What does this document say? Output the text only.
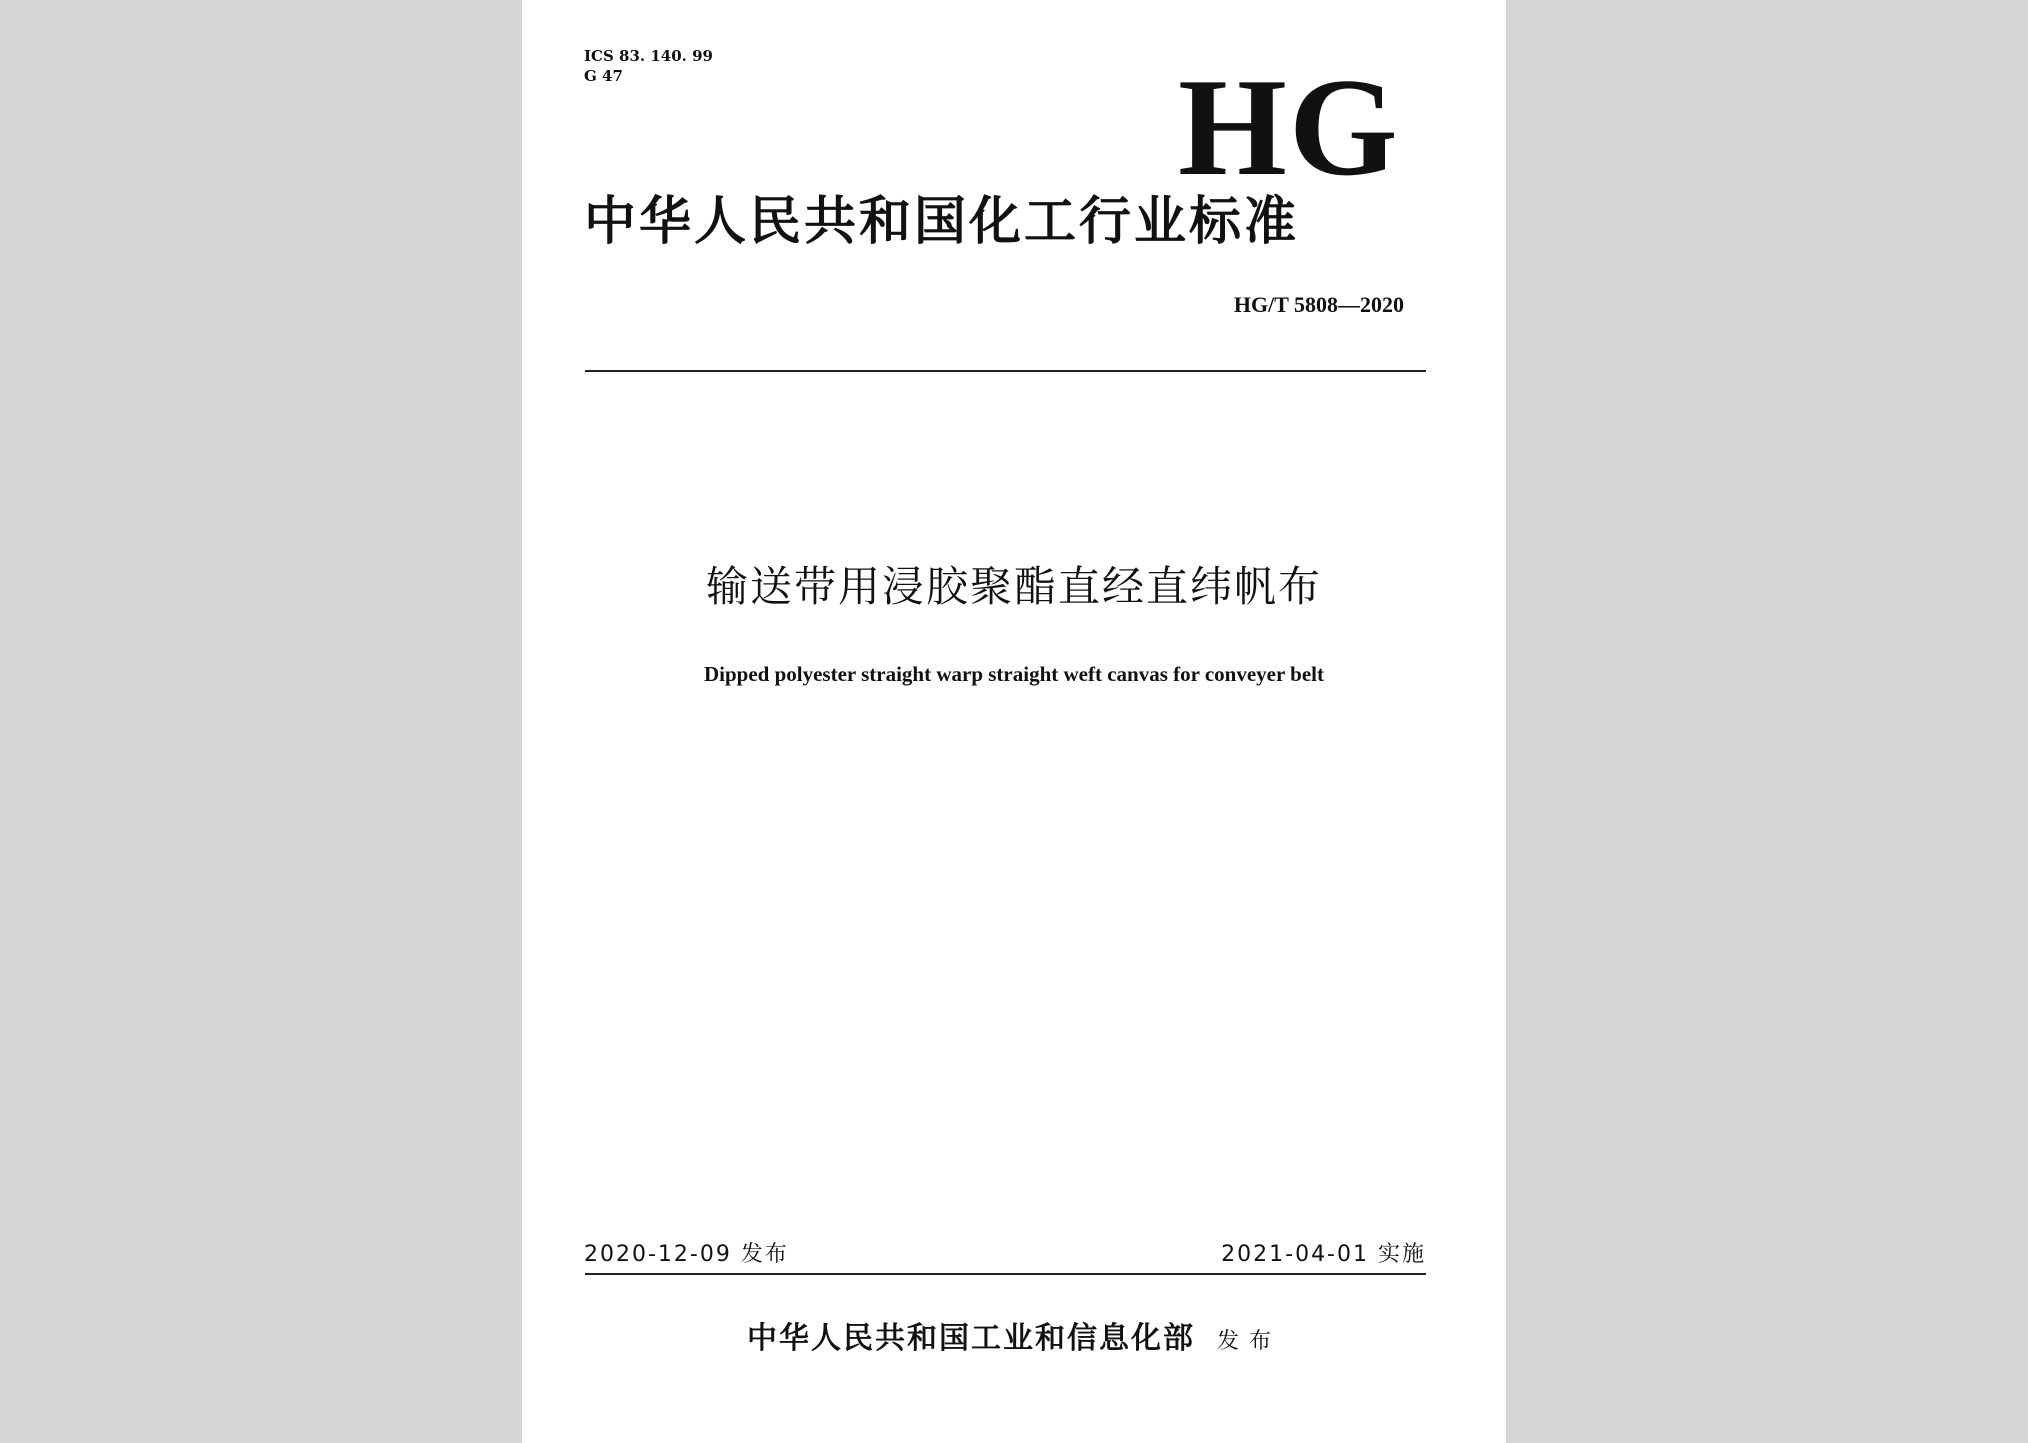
ICS 83. 140. 99
G 47	HG
中华人民共和国化工行业标准
HG/T 5808—2020
输送带用浸胶聚酯直经直纬帆布
Dipped polyester straight warp straight weft canvas for conveyer belt
2020-12-09 发布	2021-04-01 实施
中华人民共和国工业和信息化部 发布
